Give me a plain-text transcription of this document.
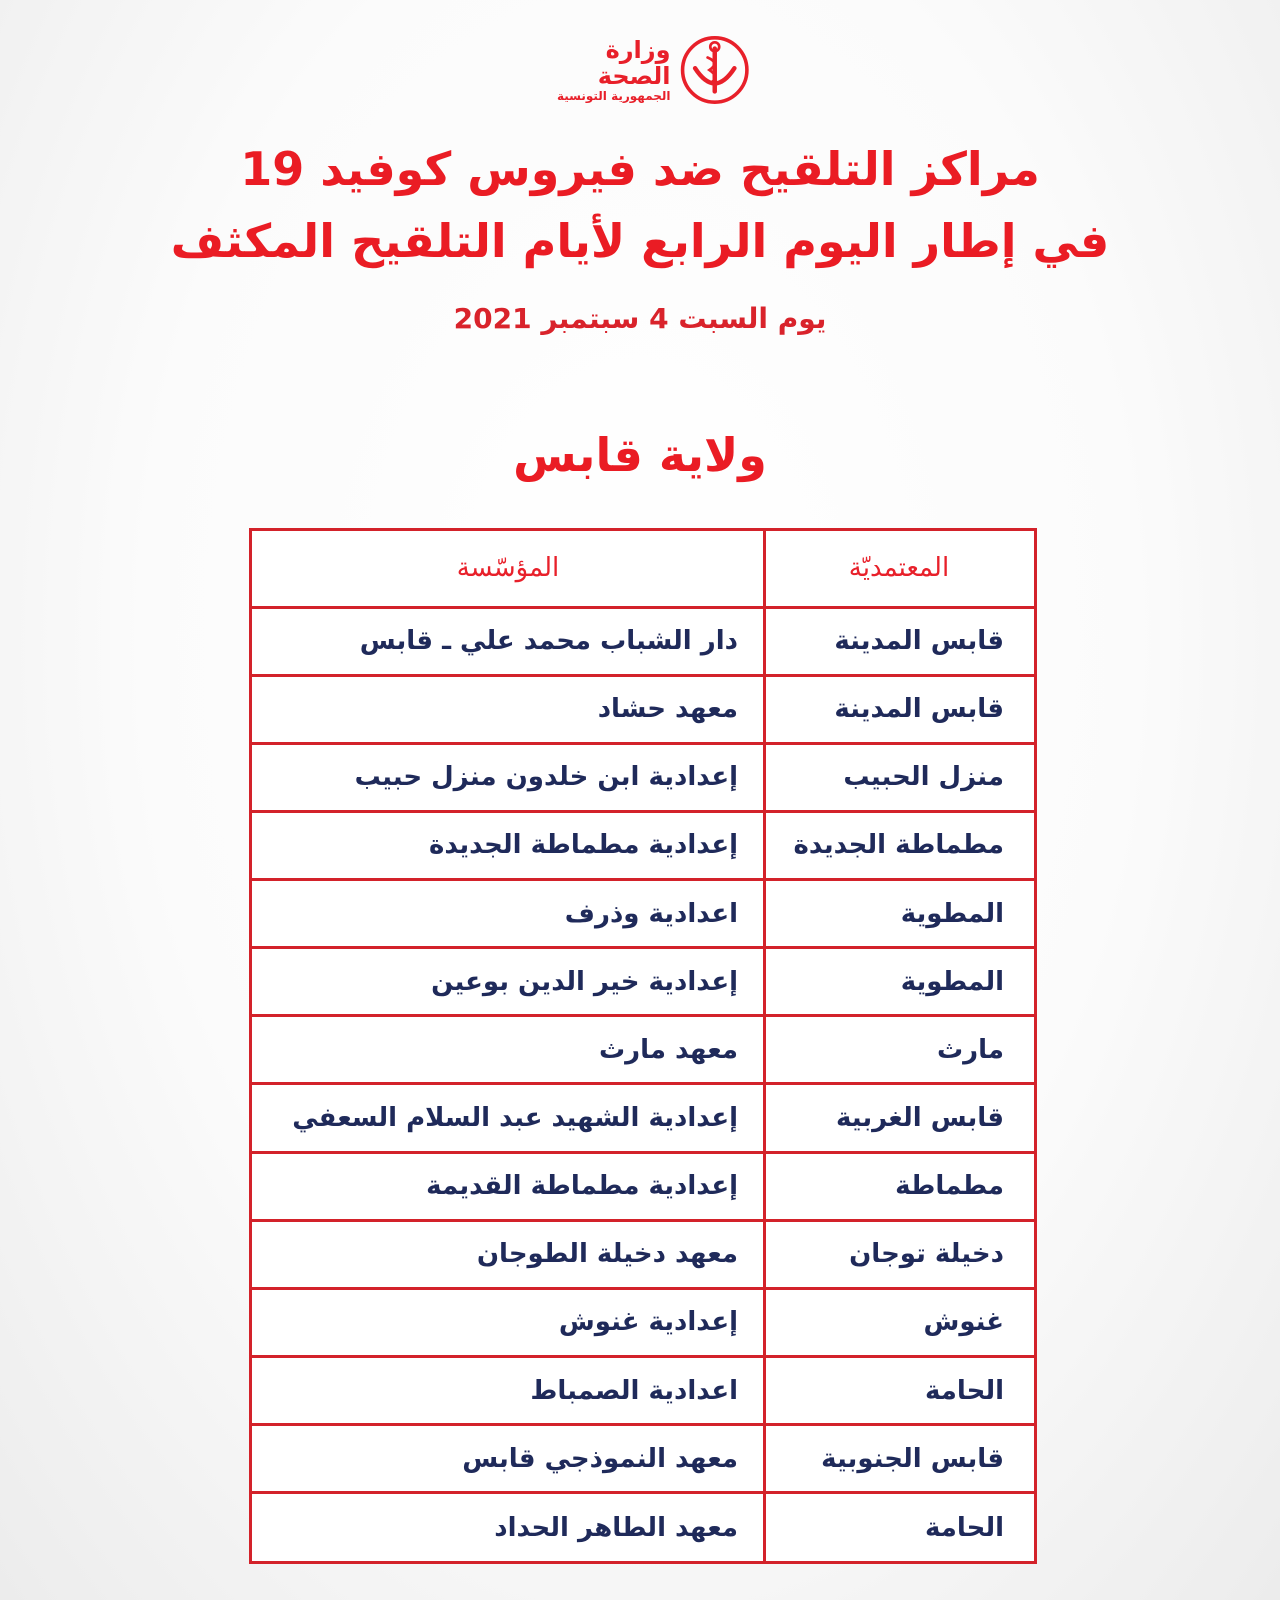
وزارة الصحة
الجمهورية التونسية
مراكز التلقيح ضد فيروس كوفيد 19
في إطار اليوم الرابع لأيام التلقيح المكثف
يوم السبت 4 سبتمبر 2021
ولاية قابس
المعتمديّة	المؤسّسة
قابس المدينة	دار الشباب محمد علي ـ قابس
قابس المدينة	معهد حشاد
منزل الحبيب	إعدادية ابن خلدون منزل حبيب
مطماطة الجديدة	إعدادية مطماطة الجديدة
المطوية	اعدادية وذرف
المطوية	إعدادية خير الدين بوعين
مارث	معهد مارث
قابس الغربية	إعدادية الشهيد عبد السلام السعفي
مطماطة	إعدادية مطماطة القديمة
دخيلة توجان	معهد دخيلة الطوجان
غنوش	إعدادية غنوش
الحامة	اعدادية الصمباط
قابس الجنوبية	معهد النموذجي قابس
الحامة	معهد الطاهر الحداد
